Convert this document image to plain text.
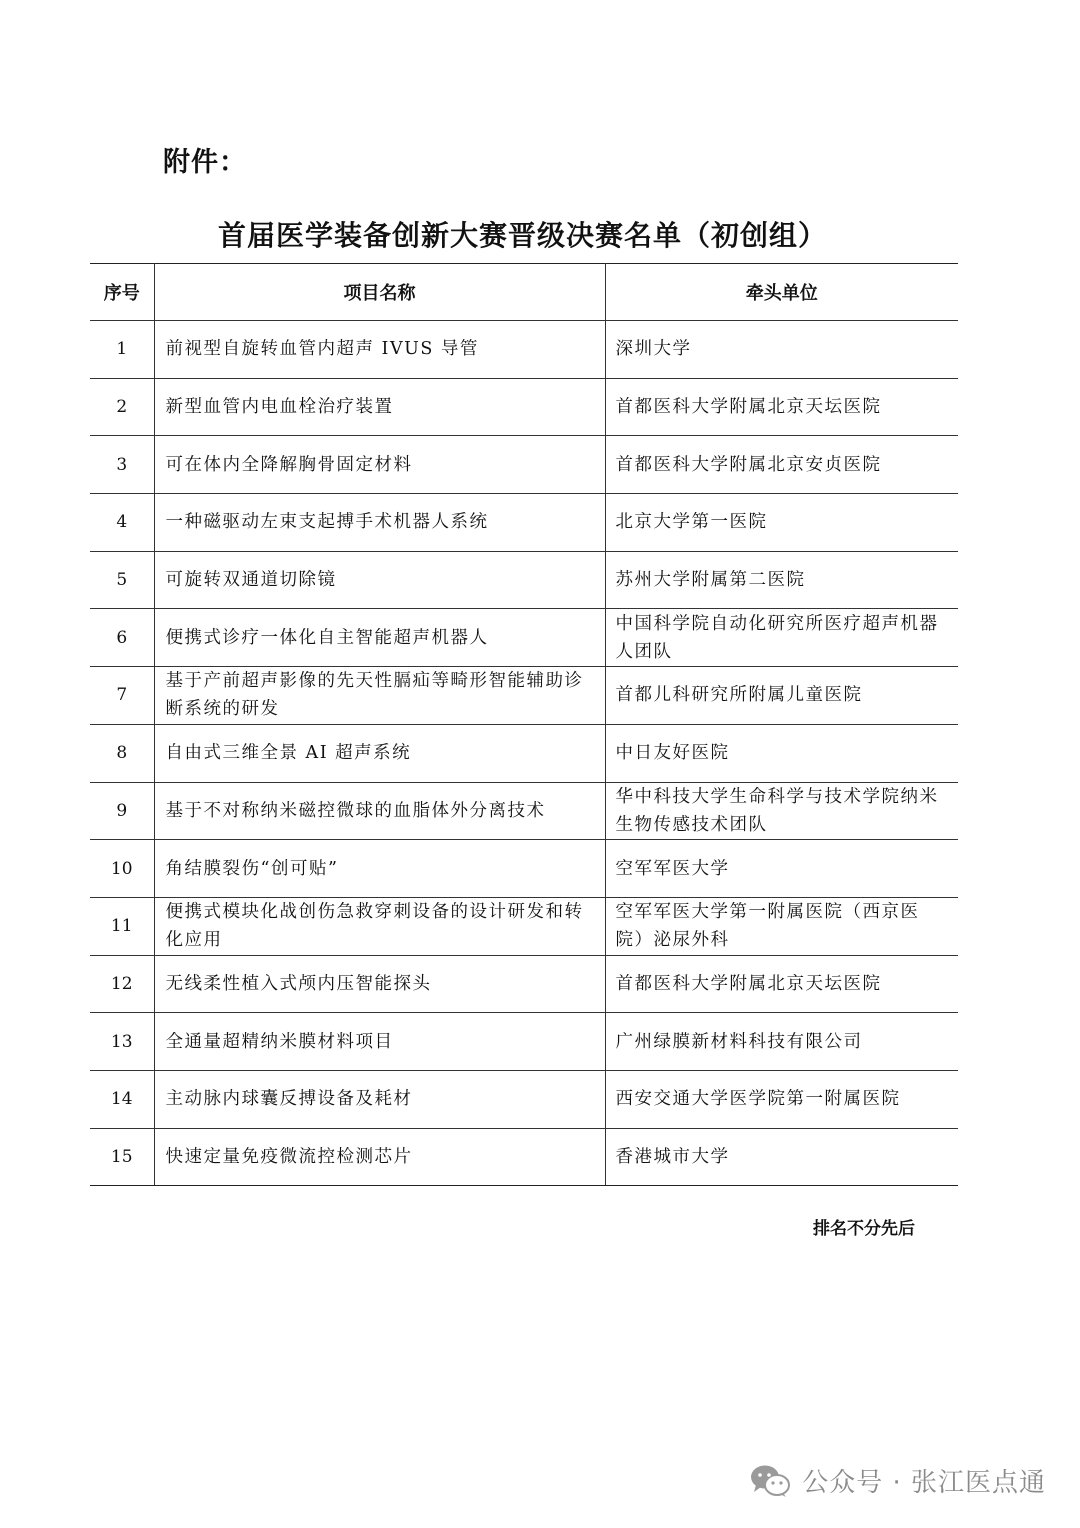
附件：
首届医学装备创新大赛晋级决赛名单（初创组）
序号	项目名称	牵头单位
1	前视型自旋转血管内超声 IVUS 导管	深圳大学
2	新型血管内电血栓治疗装置	首都医科大学附属北京天坛医院
3	可在体内全降解胸骨固定材料	首都医科大学附属北京安贞医院
4	一种磁驱动左束支起搏手术机器人系统	北京大学第一医院
5	可旋转双通道切除镜	苏州大学附属第二医院
6	便携式诊疗一体化自主智能超声机器人	中国科学院自动化研究所医疗超声机器人团队
7	基于产前超声影像的先天性膈疝等畸形智能辅助诊断系统的研发	首都儿科研究所附属儿童医院
8	自由式三维全景 AI 超声系统	中日友好医院
9	基于不对称纳米磁控微球的血脂体外分离技术	华中科技大学生命科学与技术学院纳米生物传感技术团队
10	角结膜裂伤“创可贴”	空军军医大学
11	便携式模块化战创伤急救穿刺设备的设计研发和转化应用	空军军医大学第一附属医院（西京医院）泌尿外科
12	无线柔性植入式颅内压智能探头	首都医科大学附属北京天坛医院
13	全通量超精纳米膜材料项目	广州绿膜新材料科技有限公司
14	主动脉内球囊反搏设备及耗材	西安交通大学医学院第一附属医院
15	快速定量免疫微流控检测芯片	香港城市大学
排名不分先后
公众号 · 张江医点通
